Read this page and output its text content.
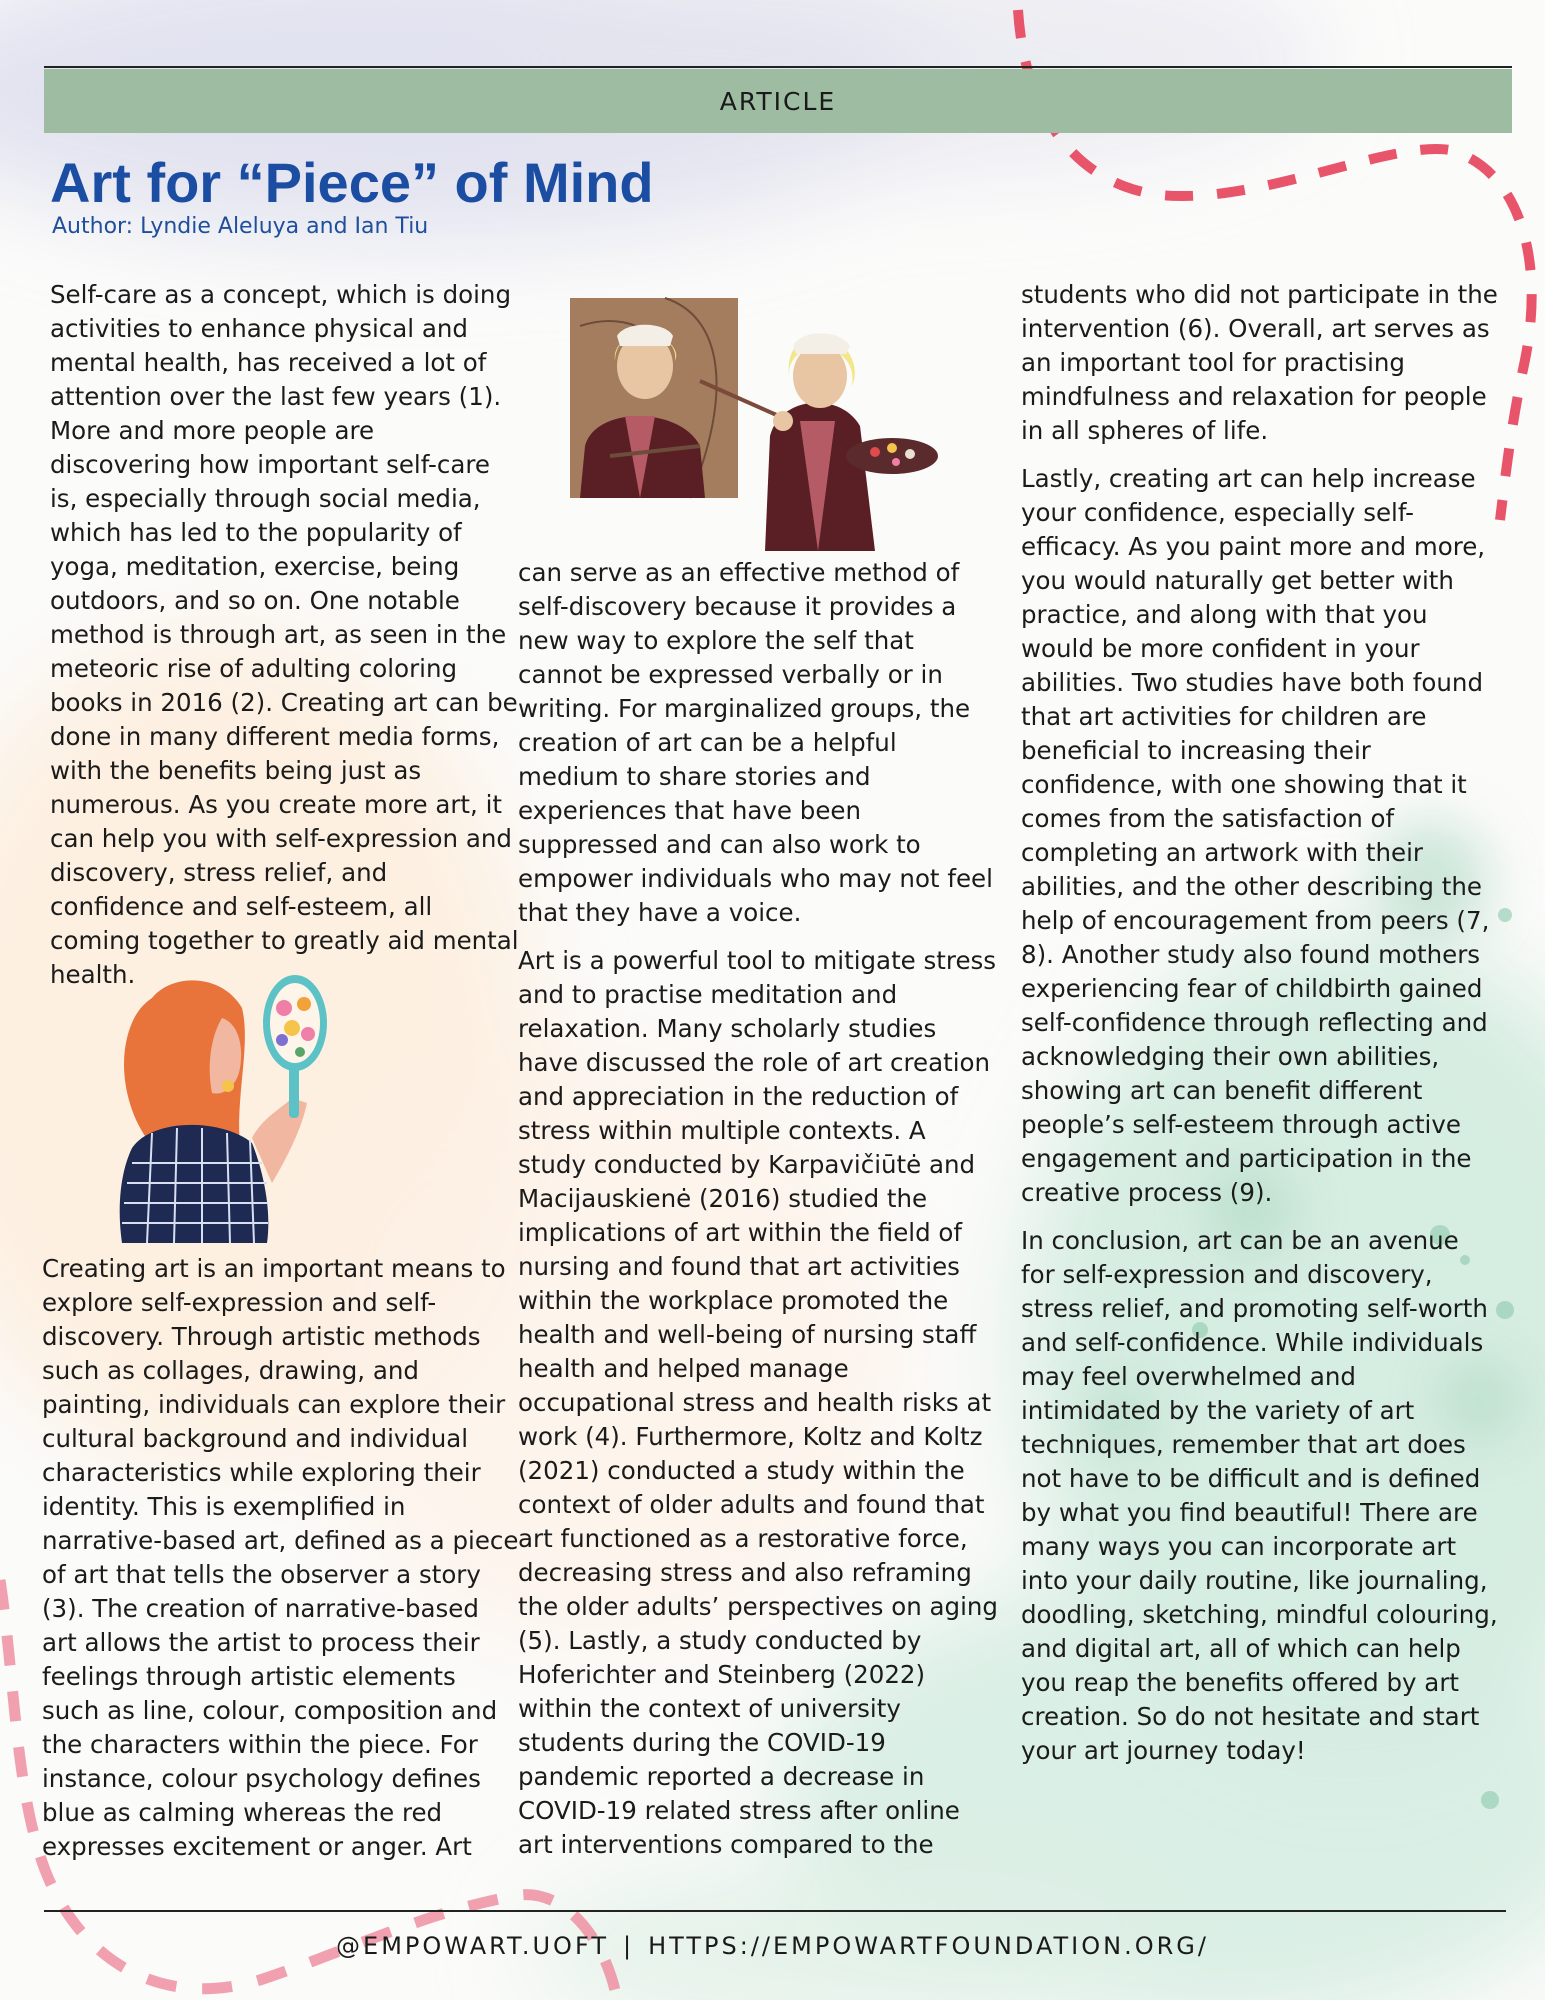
ARTICLE
Art for “Piece” of Mind
Author: Lyndie Aleluya and Ian Tiu

Self-care as a concept, which is doing activities to enhance physical and mental health, has received a lot of attention over the last few years (1). More and more people are discovering how important self-care is, especially through social media, which has led to the popularity of yoga, meditation, exercise, being outdoors, and so on. One notable method is through art, as seen in the meteoric rise of adulting coloring books in 2016 (2). Creating art can be done in many different media forms, with the benefits being just as numerous. As you create more art, it can help you with self-expression and discovery, stress relief, and confidence and self-esteem, all coming together to greatly aid mental health.

Creating art is an important means to explore self-expression and self-discovery. Through artistic methods such as collages, drawing, and painting, individuals can explore their cultural background and individual characteristics while exploring their identity. This is exemplified in narrative-based art, defined as a piece of art that tells the observer a story (3). The creation of narrative-based art allows the artist to process their feelings through artistic elements such as line, colour, composition and the characters within the piece. For instance, colour psychology defines blue as calming whereas the red expresses excitement or anger. Art

can serve as an effective method of self-discovery because it provides a new way to explore the self that cannot be expressed verbally or in writing. For marginalized groups, the creation of art can be a helpful medium to share stories and experiences that have been suppressed and can also work to empower individuals who may not feel that they have a voice.

Art is a powerful tool to mitigate stress and to practise meditation and relaxation. Many scholarly studies have discussed the role of art creation and appreciation in the reduction of stress within multiple contexts. A study conducted by Karpavičiūtė and Macijauskienė (2016) studied the implications of art within the field of nursing and found that art activities within the workplace promoted the health and well-being of nursing staff health and helped manage occupational stress and health risks at work (4). Furthermore, Koltz and Koltz (2021) conducted a study within the context of older adults and found that art functioned as a restorative force, decreasing stress and also reframing the older adults’ perspectives on aging (5). Lastly, a study conducted by Hoferichter and Steinberg (2022) within the context of university students during the COVID-19 pandemic reported a decrease in COVID-19 related stress after online art interventions compared to the

students who did not participate in the intervention (6). Overall, art serves as an important tool for practising mindfulness and relaxation for people in all spheres of life.

Lastly, creating art can help increase your confidence, especially self-efficacy. As you paint more and more, you would naturally get better with practice, and along with that you would be more confident in your abilities. Two studies have both found that art activities for children are beneficial to increasing their confidence, with one showing that it comes from the satisfaction of completing an artwork with their abilities, and the other describing the help of encouragement from peers (7, 8). Another study also found mothers experiencing fear of childbirth gained self-confidence through reflecting and acknowledging their own abilities, showing art can benefit different people’s self-esteem through active engagement and participation in the creative process (9).

In conclusion, art can be an avenue for self-expression and discovery, stress relief, and promoting self-worth and self-confidence. While individuals may feel overwhelmed and intimidated by the variety of art techniques, remember that art does not have to be difficult and is defined by what you find beautiful! There are many ways you can incorporate art into your daily routine, like journaling, doodling, sketching, mindful colouring, and digital art, all of which can help you reap the benefits offered by art creation. So do not hesitate and start your art journey today!

@EMPOWART.UOFT | HTTPS://EMPOWARTFOUNDATION.ORG/
